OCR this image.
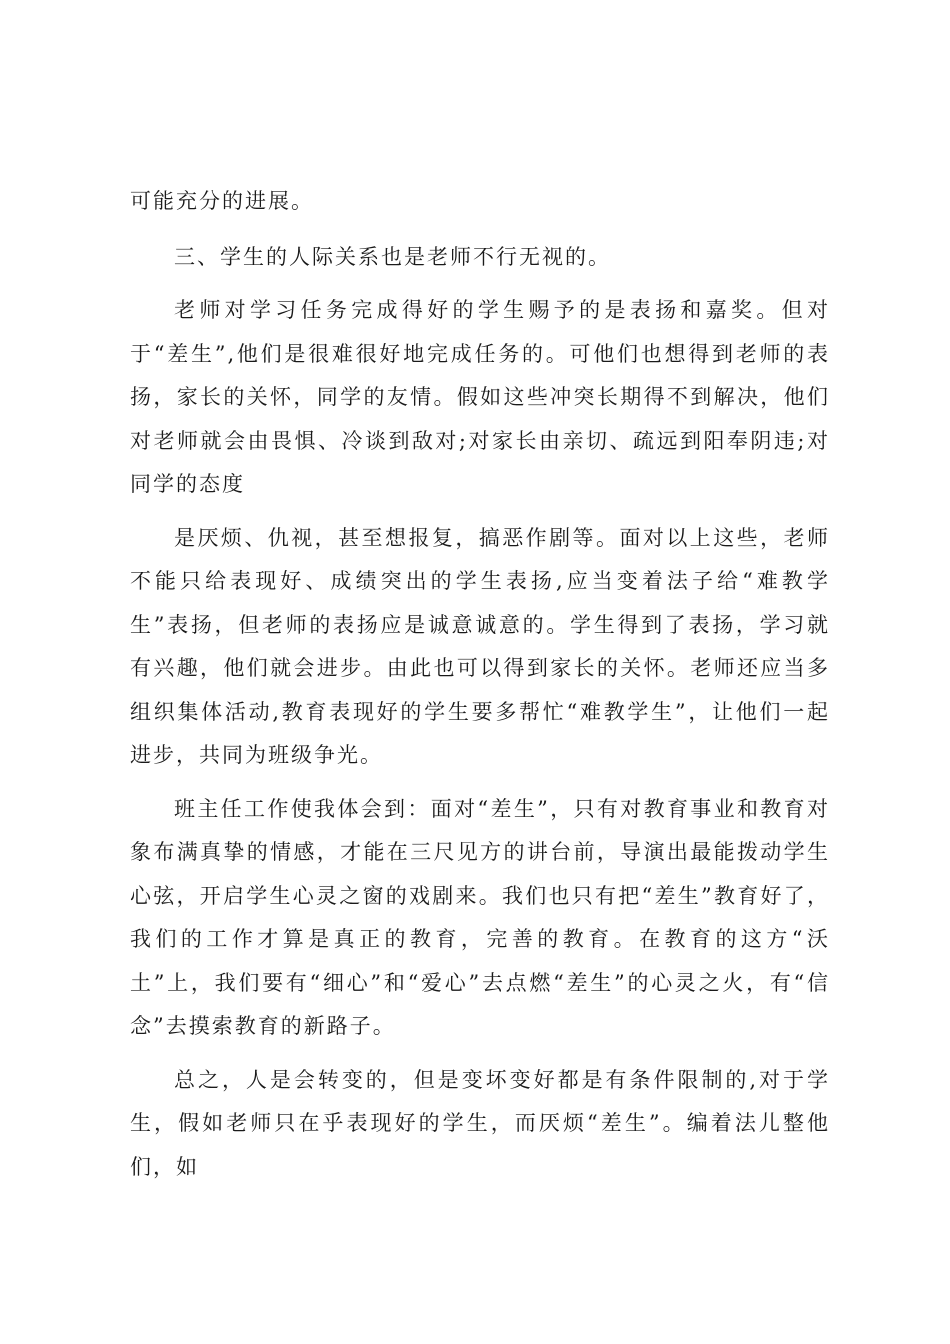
可能充分的进展。

三、学生的人际关系也是老师不行无视的。

老师对学习任务完成得好的学生赐予的是表扬和嘉奖。但对于“差生”,他们是很难很好地完成任务的。可他们也想得到老师的表扬，家长的关怀，同学的友情。假如这些冲突长期得不到解决，他们对老师就会由畏惧、冷谈到敌对;对家长由亲切、疏远到阳奉阴违;对同学的态度

是厌烦、仇视，甚至想报复，搞恶作剧等。面对以上这些，老师不能只给表现好、成绩突出的学生表扬,应当变着法子给“难教学生”表扬，但老师的表扬应是诚意诚意的。学生得到了表扬，学习就有兴趣，他们就会进步。由此也可以得到家长的关怀。老师还应当多组织集体活动,教育表现好的学生要多帮忙“难教学生”，让他们一起进步，共同为班级争光。

班主任工作使我体会到：面对“差生”，只有对教育事业和教育对象布满真挚的情感，才能在三尺见方的讲台前，导演出最能拨动学生心弦，开启学生心灵之窗的戏剧来。我们也只有把“差生”教育好了，我们的工作才算是真正的教育，完善的教育。在教育的这方“沃土”上，我们要有“细心”和“爱心”去点燃“差生”的心灵之火，有“信念”去摸索教育的新路子。

总之，人是会转变的，但是变坏变好都是有条件限制的,对于学生，假如老师只在乎表现好的学生，而厌烦“差生”。编着法儿整他们，如
